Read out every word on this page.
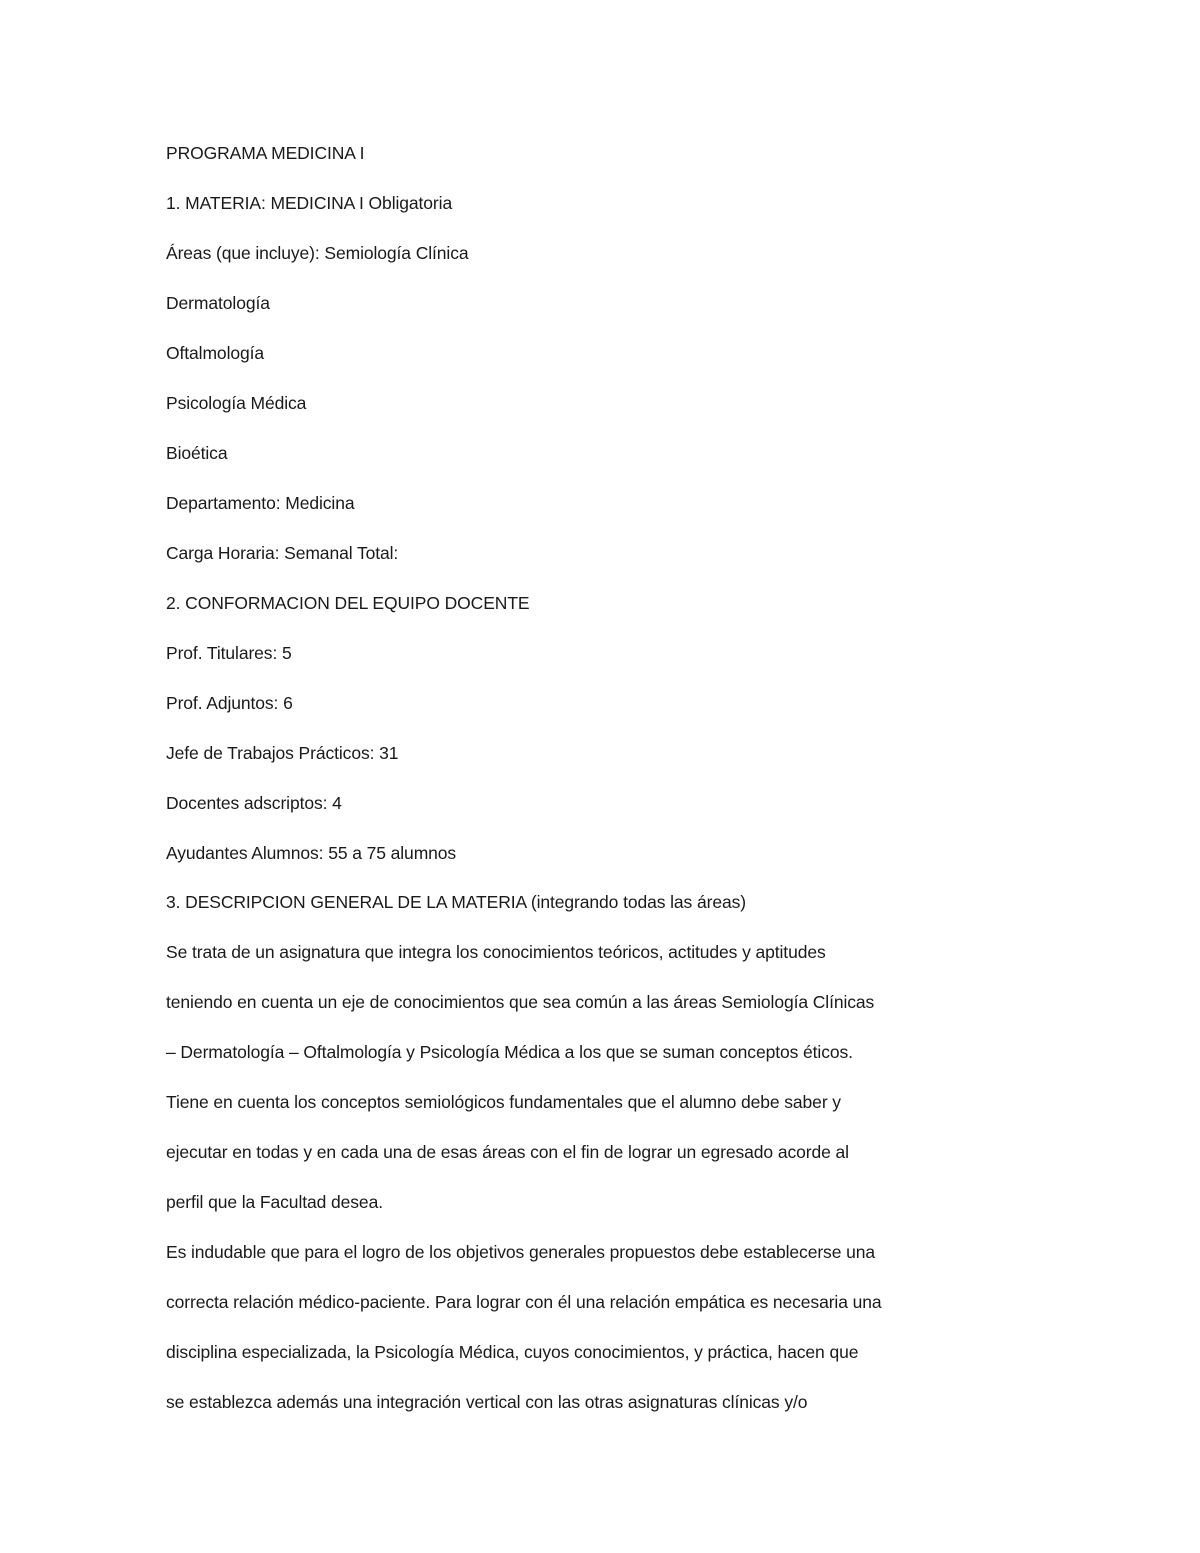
PROGRAMA MEDICINA I
1. MATERIA: MEDICINA I Obligatoria
Áreas (que incluye): Semiología Clínica
Dermatología
Oftalmología
Psicología Médica
Bioética
Departamento: Medicina
Carga Horaria: Semanal Total:
2. CONFORMACION DEL EQUIPO DOCENTE
Prof. Titulares: 5
Prof. Adjuntos: 6
Jefe de Trabajos Prácticos: 31
Docentes adscriptos: 4
Ayudantes Alumnos: 55 a 75 alumnos
3. DESCRIPCION GENERAL DE LA MATERIA (integrando todas las áreas)
Se trata de un asignatura que integra los conocimientos teóricos, actitudes y aptitudes
teniendo en cuenta un eje de conocimientos que sea común a las áreas Semiología Clínicas
– Dermatología – Oftalmología y Psicología Médica a los que se suman conceptos éticos.
Tiene en cuenta los conceptos semiológicos fundamentales que el alumno debe saber y
ejecutar en todas y en cada una de esas áreas con el fin de lograr un egresado acorde al
perfil que la Facultad desea.
Es indudable que para el logro de los objetivos generales propuestos debe establecerse una
correcta relación médico-paciente. Para lograr con él una relación empática es necesaria una
disciplina especializada, la Psicología Médica, cuyos conocimientos, y práctica, hacen que
se establezca además una integración vertical con las otras asignaturas clínicas y/o
